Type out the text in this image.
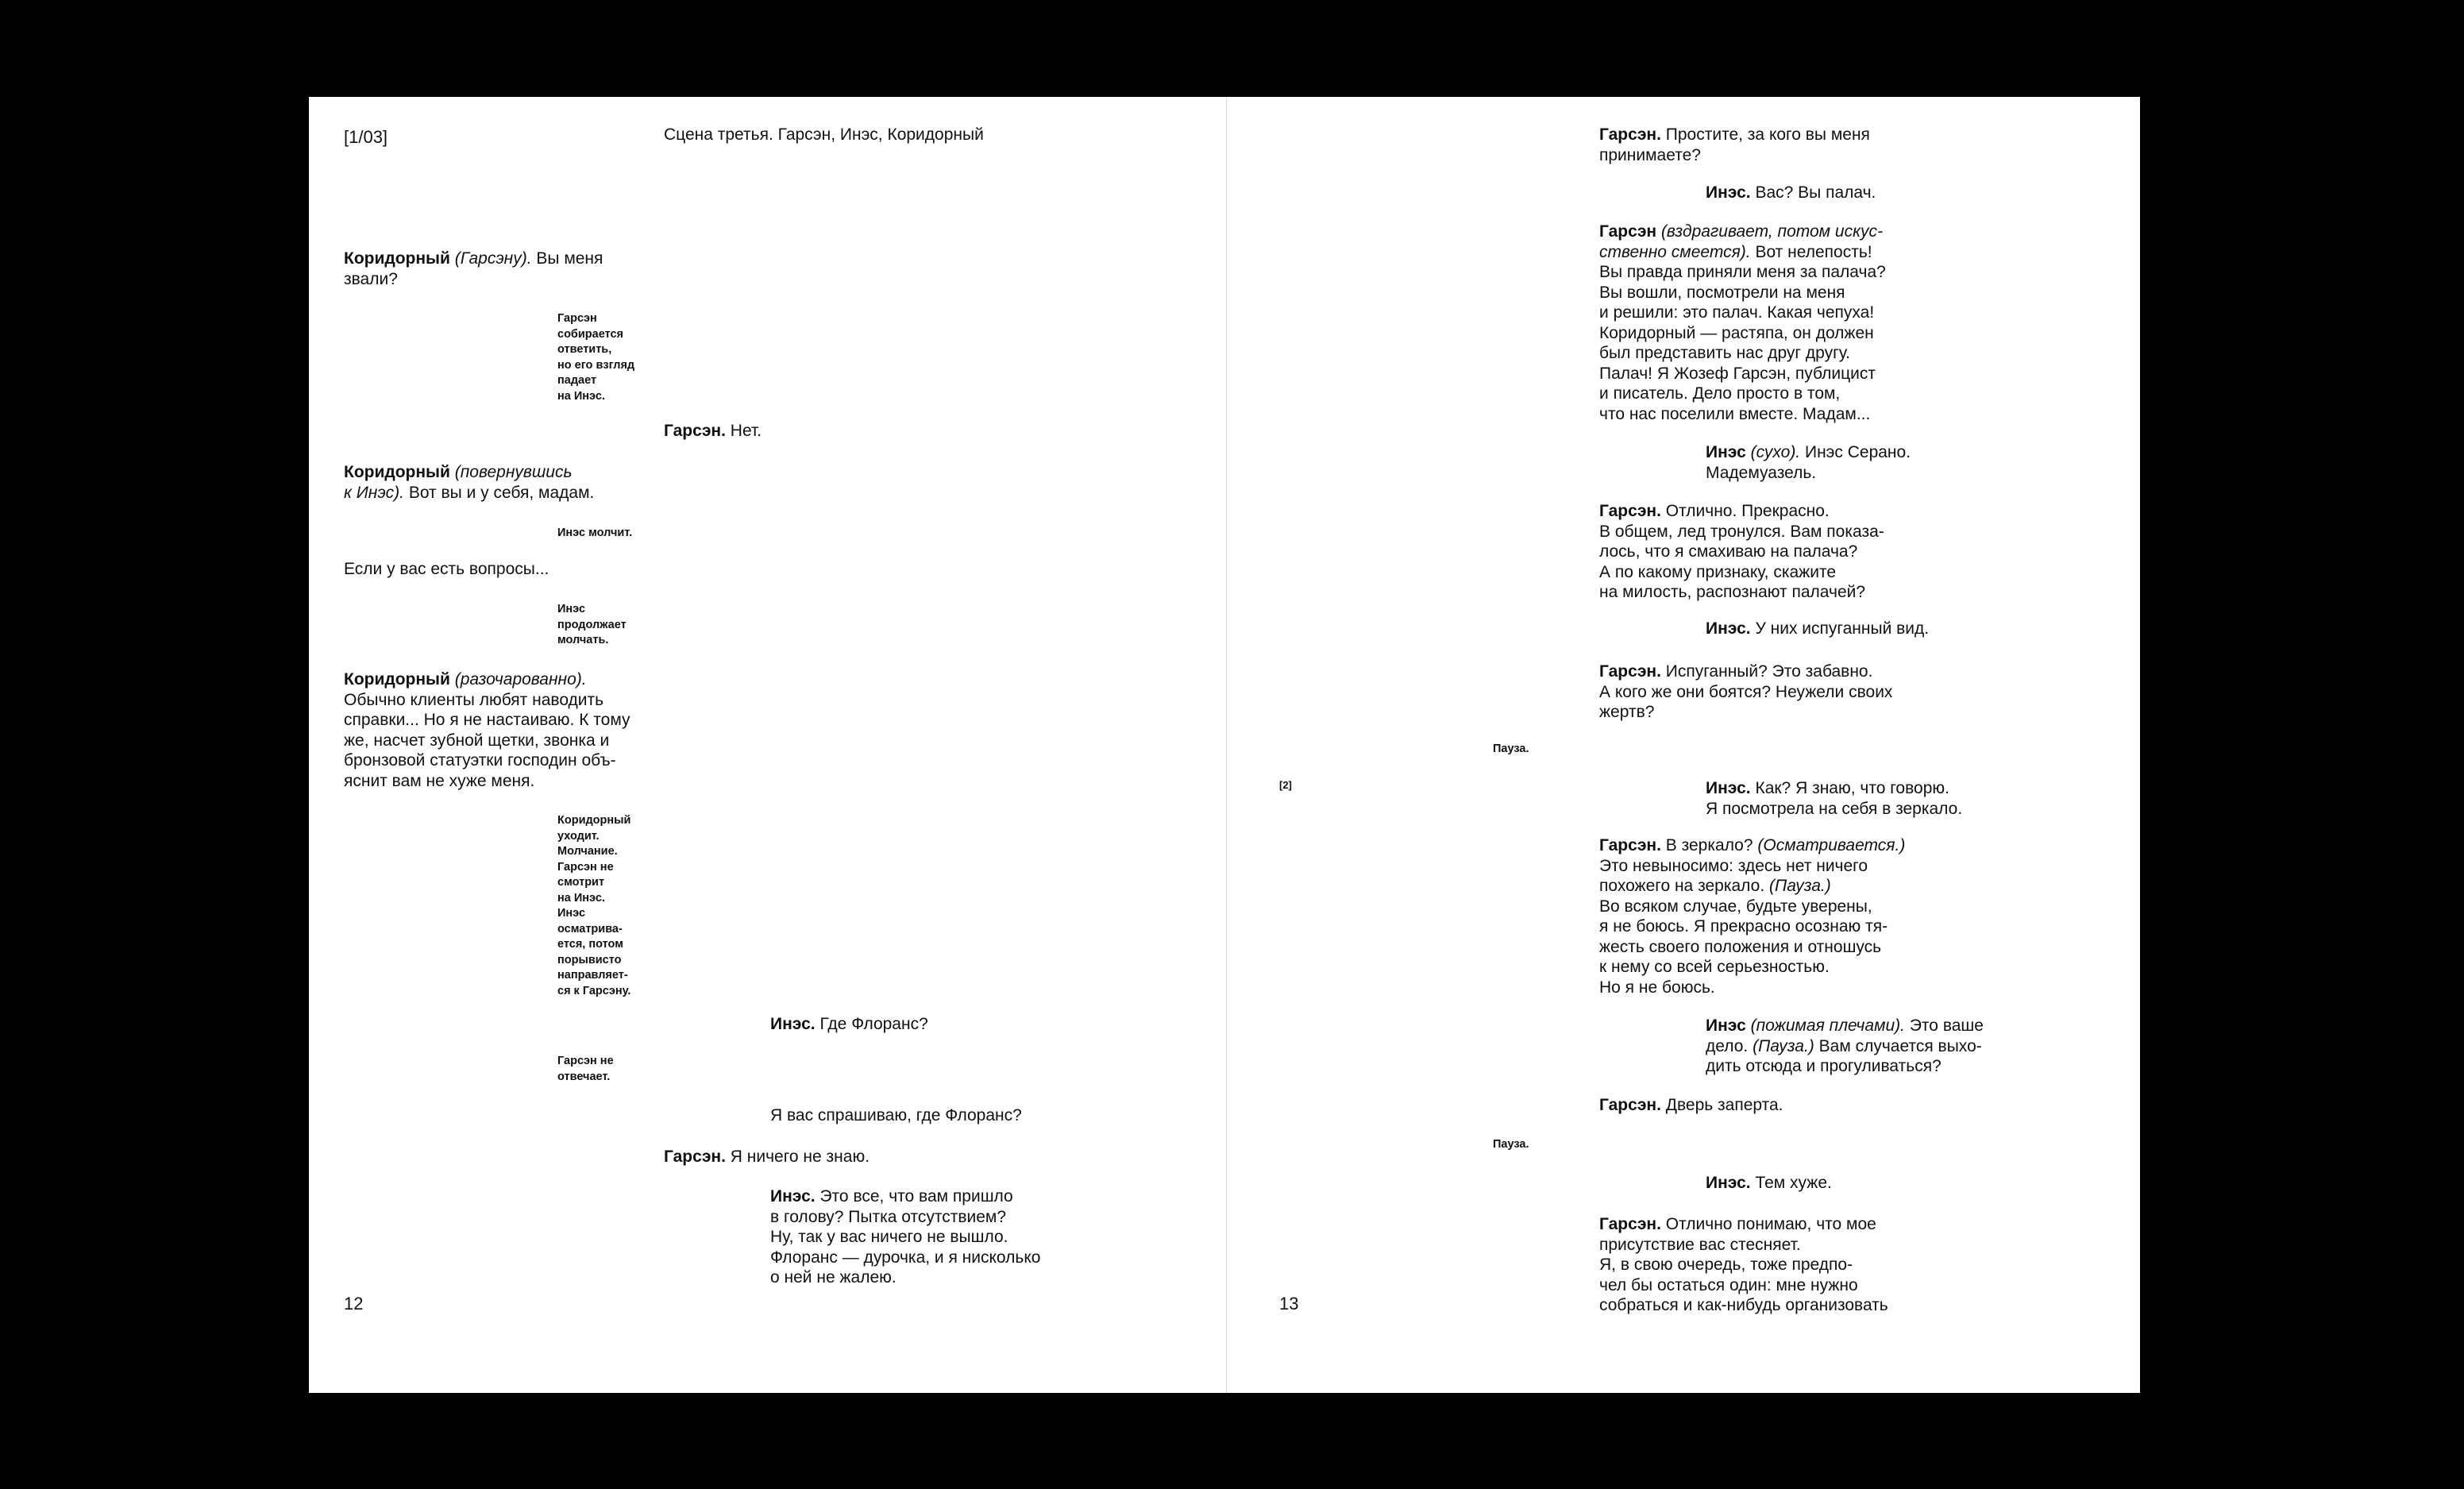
[1/03]	Сцена третья. Гарсэн, Инэс, Коридорный

Коридорный (Гарсэну). Вы меня
звали?

Гарсэн
собирается
ответить,
но его взгляд
падает
на Инэс.

Гарсэн. Нет.

Коридорный (повернувшись
к Инэс). Вот вы и у себя, мадам.

Инэс молчит.

Если у вас есть вопросы...

Инэс
продолжает
молчать.

Коридорный (разочарованно).
Обычно клиенты любят наводить
справки... Но я не настаиваю. К тому
же, насчет зубной щетки, звонка и
бронзовой статуэтки господин объ-
яснит вам не хуже меня.

Коридорный
уходит.
Молчание.
Гарсэн не
смотрит
на Инэс.
Инэс
осматрива-
ется, потом
порывисто
направляет-
ся к Гарсэну.

Инэс. Где Флоранс?

Гарсэн не
отвечает.

Я вас спрашиваю, где Флоранс?

Гарсэн. Я ничего не знаю.

Инэс. Это все, что вам пришло
в голову? Пытка отсутствием?
Ну, так у вас ничего не вышло.
Флоранс — дурочка, и я нисколько
о ней не жалею.

12

Гарсэн. Простите, за кого вы меня
принимаете?

Инэс. Вас? Вы палач.

Гарсэн (вздрагивает, потом искус-
ственно смеется). Вот нелепость!
Вы правда приняли меня за палача?
Вы вошли, посмотрели на меня
и решили: это палач. Какая чепуха!
Коридорный — растяпа, он должен
был представить нас друг другу.
Палач! Я Жозеф Гарсэн, публицист
и писатель. Дело просто в том,
что нас поселили вместе. Мадам...

Инэс (сухо). Инэс Серано.
Мадемуазель.

Гарсэн. Отлично. Прекрасно.
В общем, лед тронулся. Вам показа-
лось, что я смахиваю на палача?
А по какому признаку, скажите
на милость, распознают палачей?

Инэс. У них испуганный вид.

Гарсэн. Испуганный? Это забавно.
А кого же они боятся? Неужели своих
жертв?

Пауза.

[2]	Инэс. Как? Я знаю, что говорю.
Я посмотрела на себя в зеркало.

Гарсэн. В зеркало? (Осматривается.)
Это невыносимо: здесь нет ничего
похожего на зеркало. (Пауза.)
Во всяком случае, будьте уверены,
я не боюсь. Я прекрасно осознаю тя-
жесть своего положения и отношусь
к нему со всей серьезностью.
Но я не боюсь.

Инэс (пожимая плечами). Это ваше
дело. (Пауза.) Вам случается выхо-
дить отсюда и прогуливаться?

Гарсэн. Дверь заперта.

Пауза.

Инэс. Тем хуже.

Гарсэн. Отлично понимаю, что мое
присутствие вас стесняет.
Я, в свою очередь, тоже предпо-
чел бы остаться один: мне нужно
собраться и как-нибудь организовать

13
